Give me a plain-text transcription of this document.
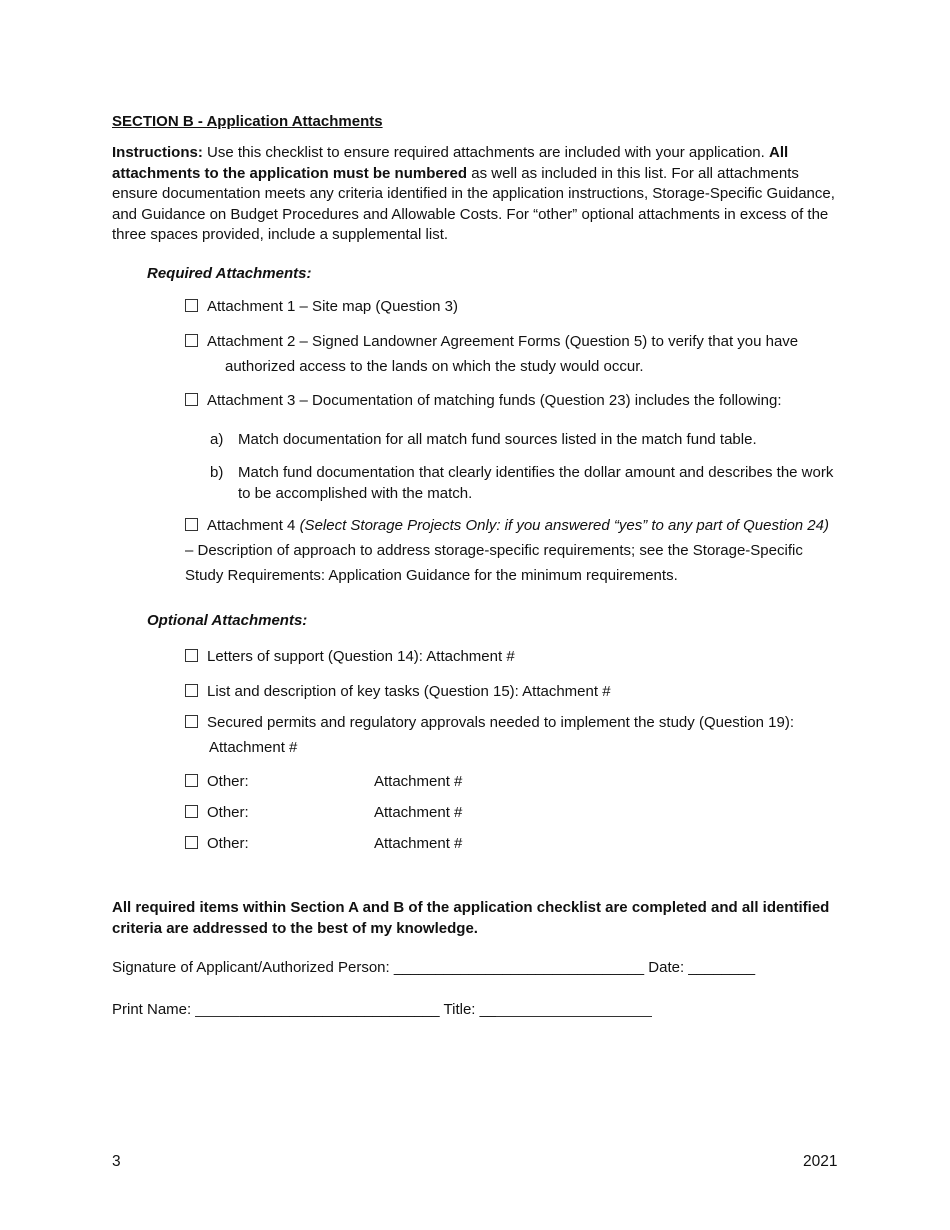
SECTION B - Application Attachments
Instructions: Use this checklist to ensure required attachments are included with your application. All attachments to the application must be numbered as well as included in this list. For all attachments ensure documentation meets any criteria identified in the application instructions, Storage-Specific Guidance, and Guidance on Budget Procedures and Allowable Costs. For “other” optional attachments in excess of the three spaces provided, include a supplemental list.
Required Attachments:
Attachment 1 – Site map (Question 3)
Attachment 2 – Signed Landowner Agreement Forms (Question 5) to verify that you have
authorized access to the lands on which the study would occur.
Attachment 3 – Documentation of matching funds (Question 23) includes the following:
a) Match documentation for all match fund sources listed in the match fund table.
b) Match fund documentation that clearly identifies the dollar amount and describes the work to be accomplished with the match.
Attachment 4 (Select Storage Projects Only: if you answered “yes” to any part of Question 24) – Description of approach to address storage-specific requirements; see the Storage-Specific Study Requirements: Application Guidance for the minimum requirements.
Optional Attachments:
Letters of support (Question 14): Attachment #
List and description of key tasks (Question 15): Attachment #
Secured permits and regulatory approvals needed to implement the study (Question 19):
Attachment #
Other:	Attachment #
Other:	Attachment #
Other:	Attachment #
All required items within Section A and B of the application checklist are completed and all identified criteria are addressed to the best of my knowledge.
Signature of Applicant/Authorized Person: ______________________________ Date: ________
Print Name:	________________________ Title: __
3	2021
